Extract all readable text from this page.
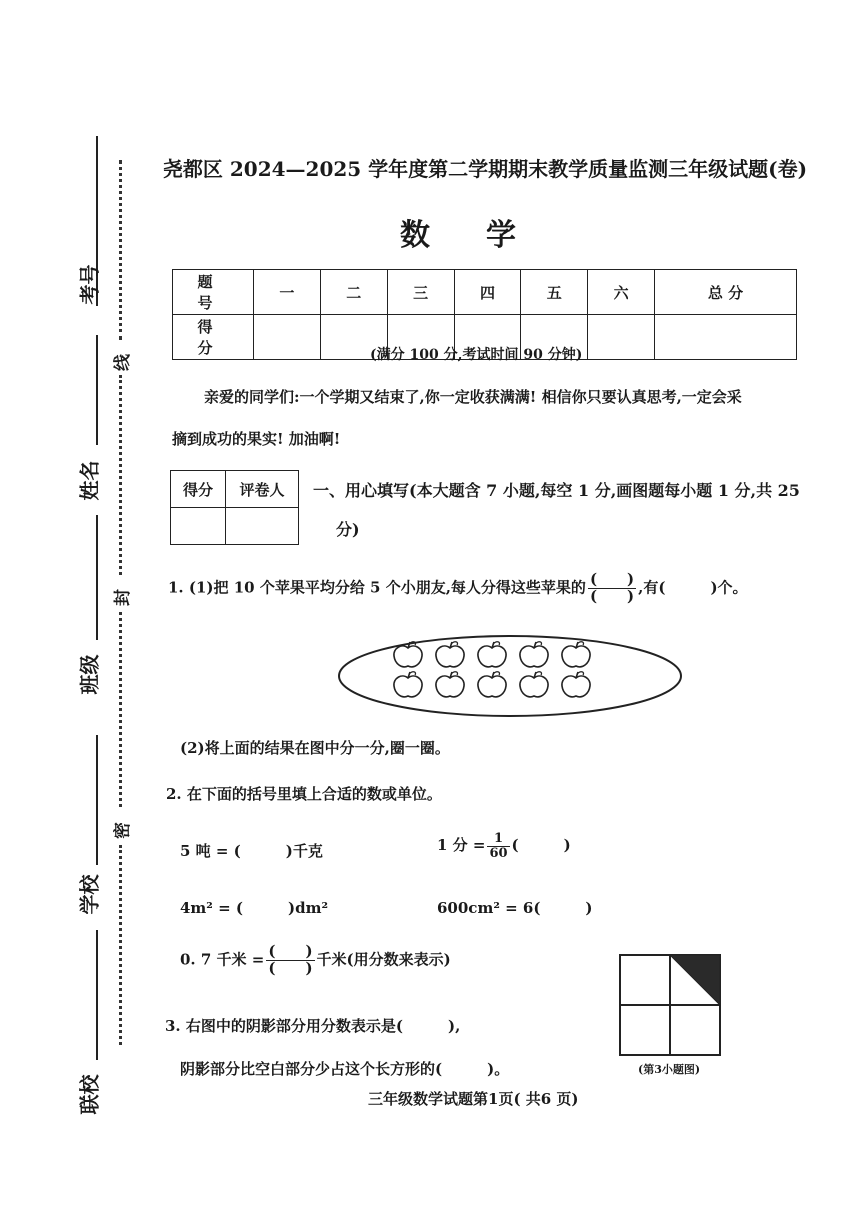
考号
姓名
班级
学校
联校
线
封
密
尧都区 2024—2025 学年度第二学期期末教学质量监测三年级试题(卷)
数学
题 号	一	二	三	四	五	六	总 分
得 分								(满分 100 分,考试时间 90 分钟)
亲爱的同学们:一个学期又结束了,你一定收获满满! 相信你只要认真思考,一定会采
摘到成功的果实! 加油啊!
得分	评卷人
	一、用心填写(本大题含 7 小题,每空 1 分,画图题每小题 1 分,共 25
分)
1. (1)把 10 个苹果平均分给 5 个小朋友,每人分得这些苹果的 $\frac{( )}{( )}$ ,有(　　　)个。
(2)将上面的结果在图中分一分,圈一圈。
2. 在下面的括号里填上合适的数或单位。
5 吨 = (　　　)千克	1 分 = $\frac{1}{60}$ (　　　)
4m² = (　　　)dm²	600cm² = 6(　　　)
0. 7 千米 = $\frac{( )}{( )}$ 千米(用分数来表示)
3. 右图中的阴影部分用分数表示是(　　　),
阴影部分比空白部分少占这个长方形的(　　　)。	(第3小题图)
三年级数学试题第1页( 共6 页)
